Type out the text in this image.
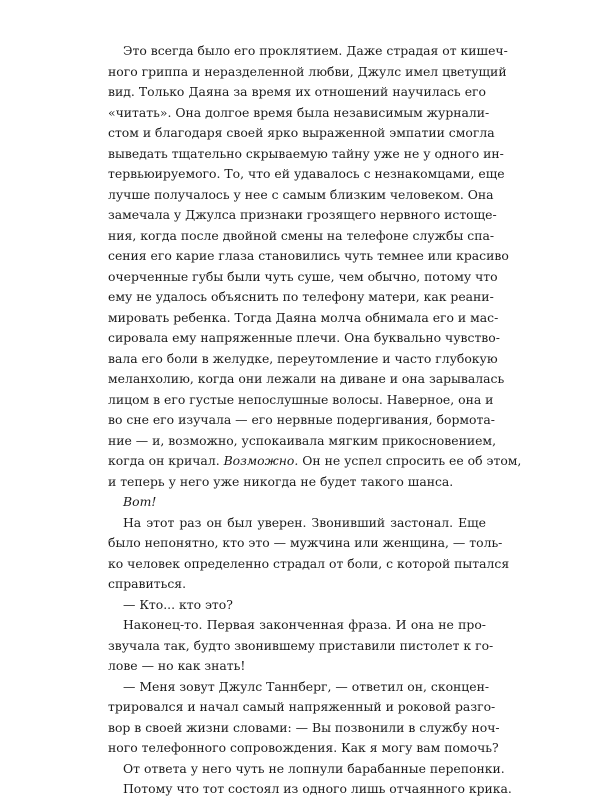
Это всегда было его проклятием. Даже страдая от кишеч-
ного гриппа и неразделенной любви, Джулс имел цветущий
вид. Только Даяна за время их отношений научилась его
«читать». Она долгое время была независимым журнали-
стом и благодаря своей ярко выраженной эмпатии смогла
выведать тщательно скрываемую тайну уже не у одного ин-
тервьюируемого. То, что ей удавалось с незнакомцами, еще
лучше получалось у нее с самым близким человеком. Она
замечала у Джулса признаки грозящего нервного истоще-
ния, когда после двойной смены на телефоне службы спа-
сения его карие глаза становились чуть темнее или красиво
очерченные губы были чуть суше, чем обычно, потому что
ему не удалось объяснить по телефону матери, как реани-
мировать ребенка. Тогда Даяна молча обнимала его и мас-
сировала ему напряженные плечи. Она буквально чувство-
вала его боли в желудке, переутомление и часто глубокую
меланхолию, когда они лежали на диване и она зарывалась
лицом в его густые непослушные волосы. Наверное, она и
во сне его изучала — его нервные подергивания, бормота-
ние — и, возможно, успокаивала мягким прикосновением,
когда он кричал. Возможно. Он не успел спросить ее об этом,
и теперь у него уже никогда не будет такого шанса.
Вот!
На этот раз он был уверен. Звонивший застонал. Еще
было непонятно, кто это — мужчина или женщина, — толь-
ко человек определенно страдал от боли, с которой пытался
справиться.
— Кто... кто это?
Наконец-то. Первая законченная фраза. И она не про-
звучала так, будто звонившему приставили пистолет к го-
лове — но как знать!
— Меня зовут Джулс Таннберг, — ответил он, сконцен-
трировался и начал самый напряженный и роковой разго-
вор в своей жизни словами: — Вы позвонили в службу ноч-
ного телефонного сопровождения. Как я могу вам помочь?
От ответа у него чуть не лопнули барабанные перепонки.
Потому что тот состоял из одного лишь отчаянного крика.
